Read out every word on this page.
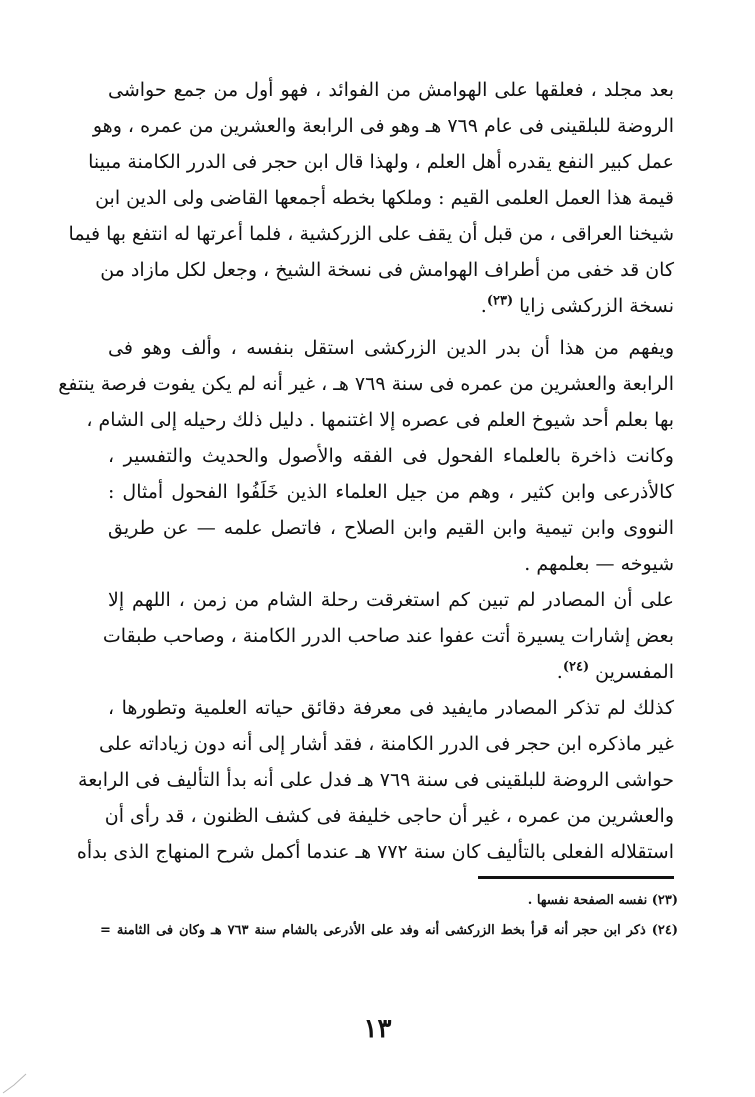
بعد مجلد ، فعلقها على الهوامش من الفوائد ، فهو أول من جمع حواشى
الروضة للبلقينى فى عام ٧٦٩ هـ وهو فى الرابعة والعشرين من عمره ، وهو
عمل كبير النفع يقدره أهل العلم ، ولهذا قال ابن حجر فى الدرر الكامنة مبينا
قيمة هذا العمل العلمى القيم : وملكها بخطه أجمعها القاضى ولى الدين ابن
شيخنا العراقى ، من قبل أن يقف على الزركشية ، فلما أعرتها له انتفع بها فيما
كان قد خفى من أطراف الهوامش فى نسخة الشيخ ، وجعل لكل مازاد من
نسخة الزركشى زايا $^{(٢٣)}$.
ويفهم من هذا أن بدر الدين الزركشى استقل بنفسه ، وألف وهو فى
الرابعة والعشرين من عمره فى سنة ٧٦٩ هـ ، غير أنه لم يكن يفوت فرصة ينتفع
بها بعلم أحد شيوخ العلم فى عصره إلا اغتنمها . دليل ذلك رحيله إلى الشام ،
وكانت ذاخرة بالعلماء الفحول فى الفقه والأصول والحديث والتفسير ،
كالأذرعى وابن كثير ، وهم من جيل العلماء الذين خَلَفُوا الفحول أمثال :
النووى وابن تيمية وابن القيم وابن الصلاح ، فاتصل علمه — عن طريق
شيوخه — بعلمهم .
على أن المصادر لم تبين كم استغرقت رحلة الشام من زمن ، اللهم إلا
بعض إشارات يسيرة أتت عفوا عند صاحب الدرر الكامنة ، وصاحب طبقات
المفسرين $^{(٢٤)}$.
كذلك لم تذكر المصادر مايفيد فى معرفة دقائق حياته العلمية وتطورها ،
غير ماذكره ابن حجر فى الدرر الكامنة ، فقد أشار إلى أنه دون زياداته على
حواشى الروضة للبلقينى فى سنة ٧٦٩ هـ فدل على أنه بدأ التأليف فى الرابعة
والعشرين من عمره ، غير أن حاجى خليفة فى كشف الظنون ، قد رأى أن
استقلاله الفعلى بالتأليف كان سنة ٧٧٢ هـ عندما أكمل شرح المنهاج الذى بدأه
(٢٣) نفسه الصفحة نفسها .
(٢٤) ذكر ابن حجر أنه قرأ بخط الزركشى أنه وفد على الأذرعى بالشام سنة ٧٦٣ هـ وكان فى الثامنة =
١٣
